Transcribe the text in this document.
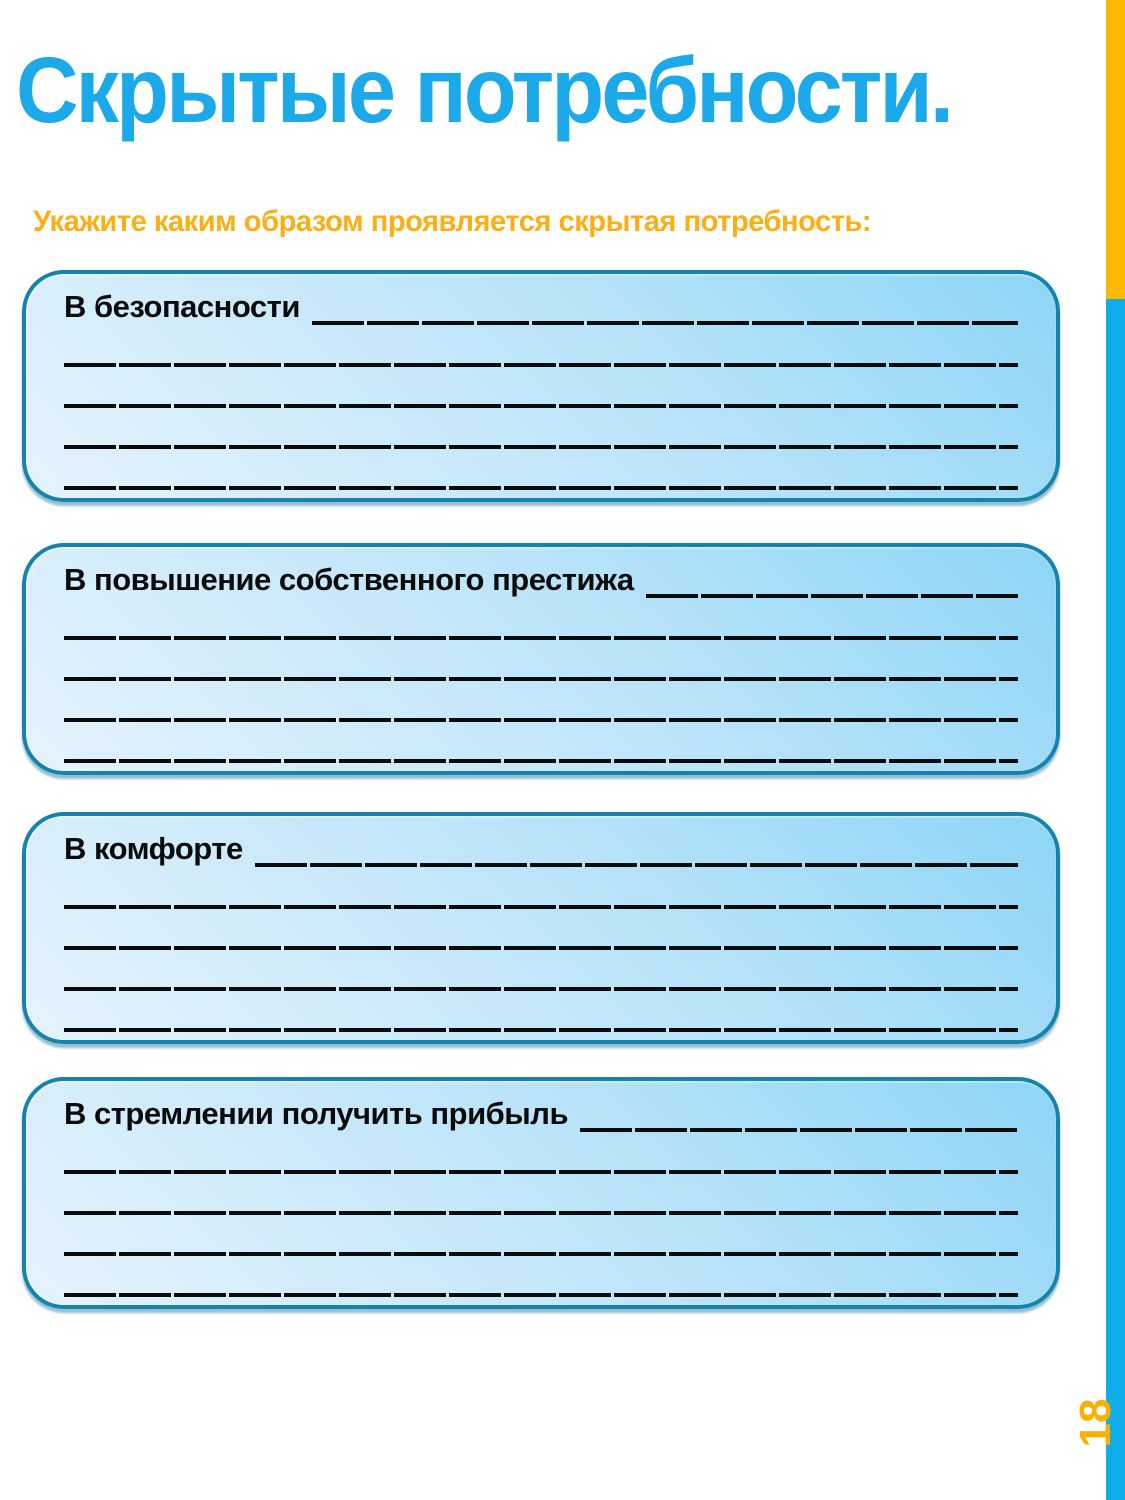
Скрытые потребности.

Укажите каким образом проявляется скрытая потребность:

В безопасности
В повышение собственного престижа
В комфорте
В стремлении получить прибыль
18
